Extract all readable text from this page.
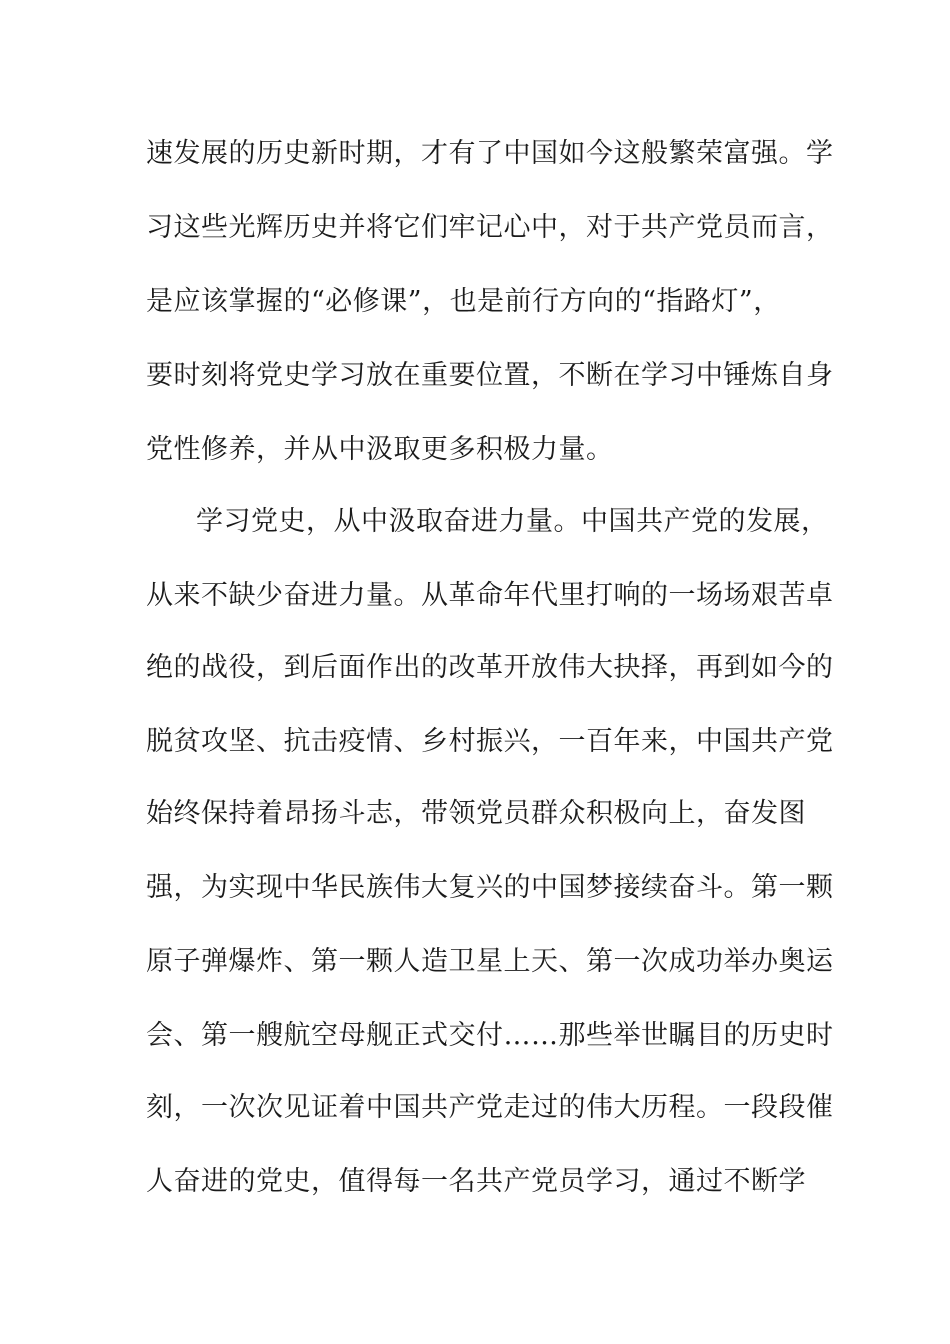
速发展的历史新时期，才有了中国如今这般繁荣富强。学
习这些光辉历史并将它们牢记心中，对于共产党员而言，
是应该掌握的“必修课”，也是前行方向的“指路灯”，
要时刻将党史学习放在重要位置，不断在学习中锤炼自身
党性修养，并从中汲取更多积极力量。
学习党史，从中汲取奋进力量。中国共产党的发展，
从来不缺少奋进力量。从革命年代里打响的一场场艰苦卓
绝的战役，到后面作出的改革开放伟大抉择，再到如今的
脱贫攻坚、抗击疫情、乡村振兴，一百年来，中国共产党
始终保持着昂扬斗志，带领党员群众积极向上，奋发图
强，为实现中华民族伟大复兴的中国梦接续奋斗。第一颗
原子弹爆炸、第一颗人造卫星上天、第一次成功举办奥运
会、第一艘航空母舰正式交付……那些举世瞩目的历史时
刻，一次次见证着中国共产党走过的伟大历程。一段段催
人奋进的党史，值得每一名共产党员学习，通过不断学
